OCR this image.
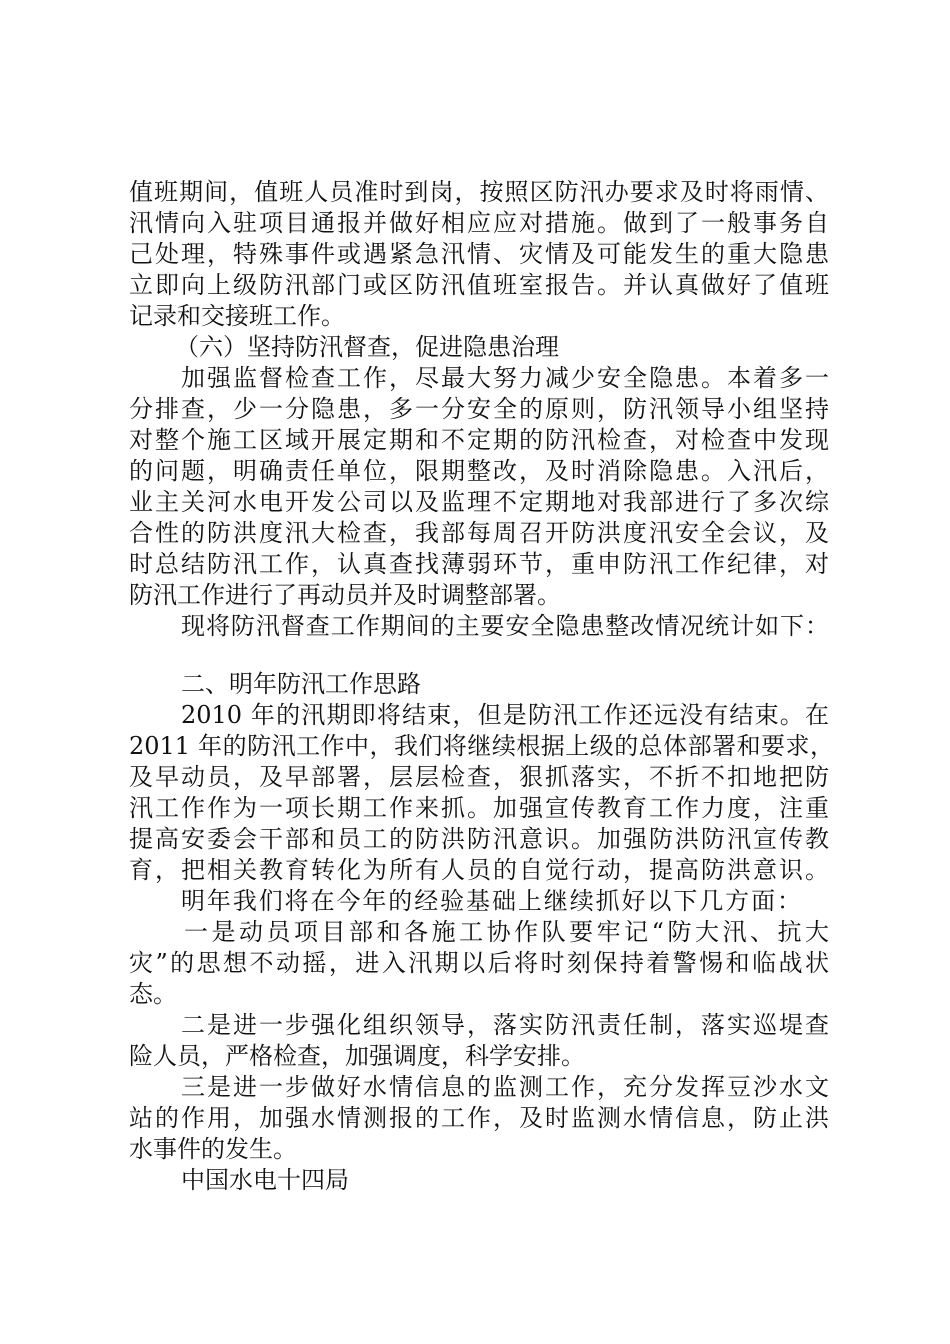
值班期间，值班人员准时到岗，按照区防汛办要求及时将雨情、
汛情向入驻项目通报并做好相应应对措施。做到了一般事务自
己处理，特殊事件或遇紧急汛情、灾情及可能发生的重大隐患
立即向上级防汛部门或区防汛值班室报告。并认真做好了值班
记录和交接班工作。
（六）坚持防汛督查，促进隐患治理
加强监督检查工作，尽最大努力减少安全隐患。本着多一
分排查，少一分隐患，多一分安全的原则，防汛领导小组坚持
对整个施工区域开展定期和不定期的防汛检查，对检查中发现
的问题，明确责任单位，限期整改，及时消除隐患。入汛后，
业主关河水电开发公司以及监理不定期地对我部进行了多次综
合性的防洪度汛大检查，我部每周召开防洪度汛安全会议，及
时总结防汛工作，认真查找薄弱环节，重申防汛工作纪律，对
防汛工作进行了再动员并及时调整部署。
现将防汛督查工作期间的主要安全隐患整改情况统计如下：
二、明年防汛工作思路
2010 年的汛期即将结束，但是防汛工作还远没有结束。在
2011 年的防汛工作中，我们将继续根据上级的总体部署和要求，
及早动员，及早部署，层层检查，狠抓落实，不折不扣地把防
汛工作作为一项长期工作来抓。加强宣传教育工作力度，注重
提高安委会干部和员工的防洪防汛意识。加强防洪防汛宣传教
育，把相关教育转化为所有人员的自觉行动，提高防洪意识。
明年我们将在今年的经验基础上继续抓好以下几方面：
一是动员项目部和各施工协作队要牢记“防大汛、抗大
灾”的思想不动摇，进入汛期以后将时刻保持着警惕和临战状
态。
二是进一步强化组织领导，落实防汛责任制，落实巡堤查
险人员，严格检查，加强调度，科学安排。
三是进一步做好水情信息的监测工作，充分发挥豆沙水文
站的作用，加强水情测报的工作，及时监测水情信息，防止洪
水事件的发生。
中国水电十四局
